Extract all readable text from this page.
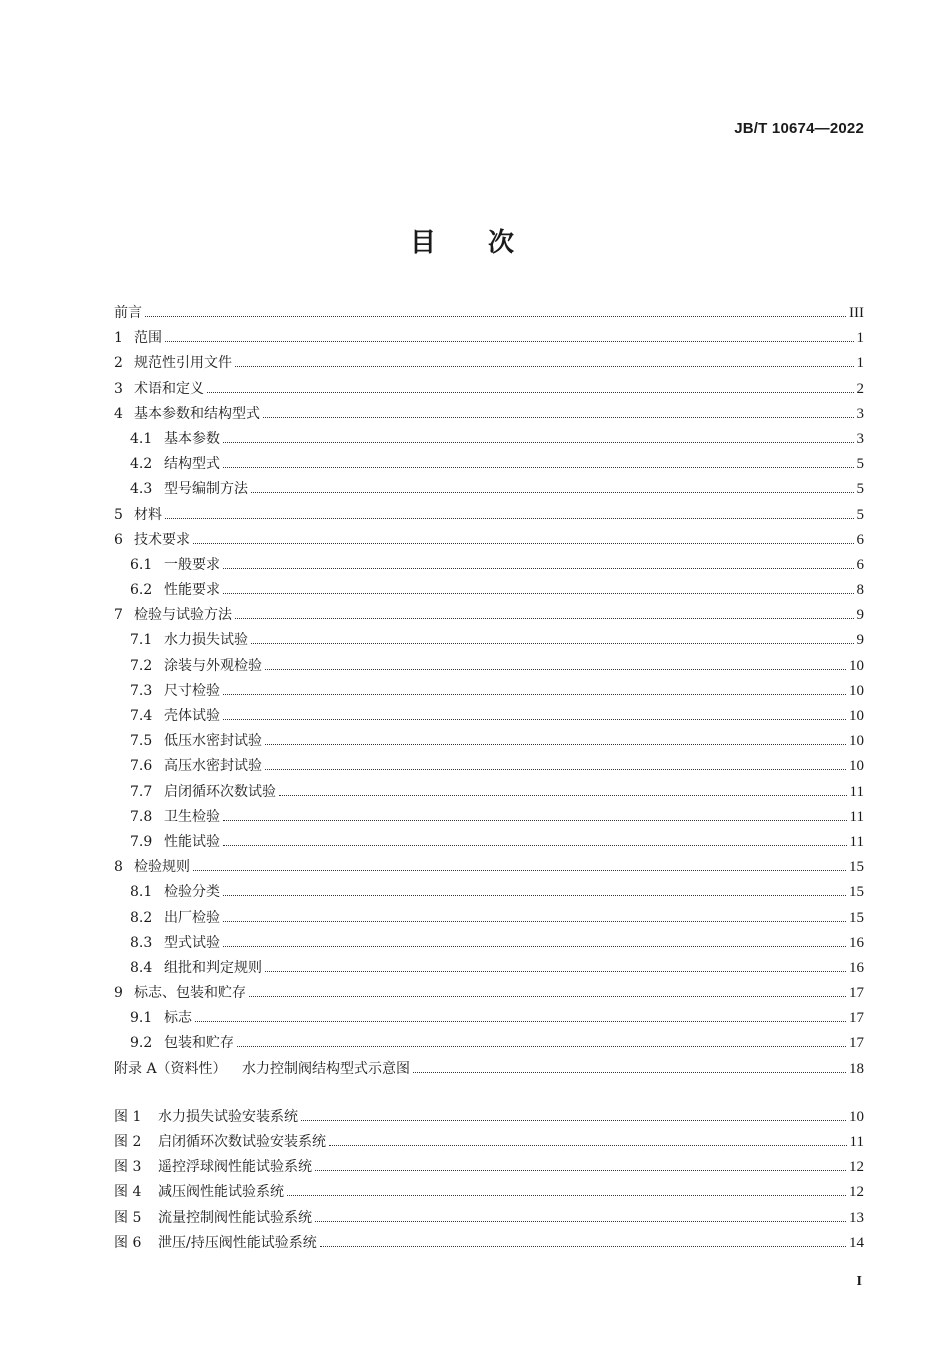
JB/T 10674—2022
目次
前言	III
1 范围	1
2 规范性引用文件	1
3 术语和定义	2
4 基本参数和结构型式	3
4.1 基本参数	3
4.2 结构型式	5
4.3 型号编制方法	5
5 材料	5
6 技术要求	6
6.1 一般要求	6
6.2 性能要求	8
7 检验与试验方法	9
7.1 水力损失试验	9
7.2 涂装与外观检验	10
7.3 尺寸检验	10
7.4 壳体试验	10
7.5 低压水密封试验	10
7.6 高压水密封试验	10
7.7 启闭循环次数试验	11
7.8 卫生检验	11
7.9 性能试验	11
8 检验规则	15
8.1 检验分类	15
8.2 出厂检验	15
8.3 型式试验	16
8.4 组批和判定规则	16
9 标志、包装和贮存	17
9.1 标志	17
9.2 包装和贮存	17
附录 A（资料性）	水力控制阀结构型式示意图	18
图 1	水力损失试验安装系统	10
图 2	启闭循环次数试验安装系统	11
图 3	遥控浮球阀性能试验系统	12
图 4	减压阀性能试验系统	12
图 5	流量控制阀性能试验系统	13
图 6	泄压/持压阀性能试验系统	14
I
